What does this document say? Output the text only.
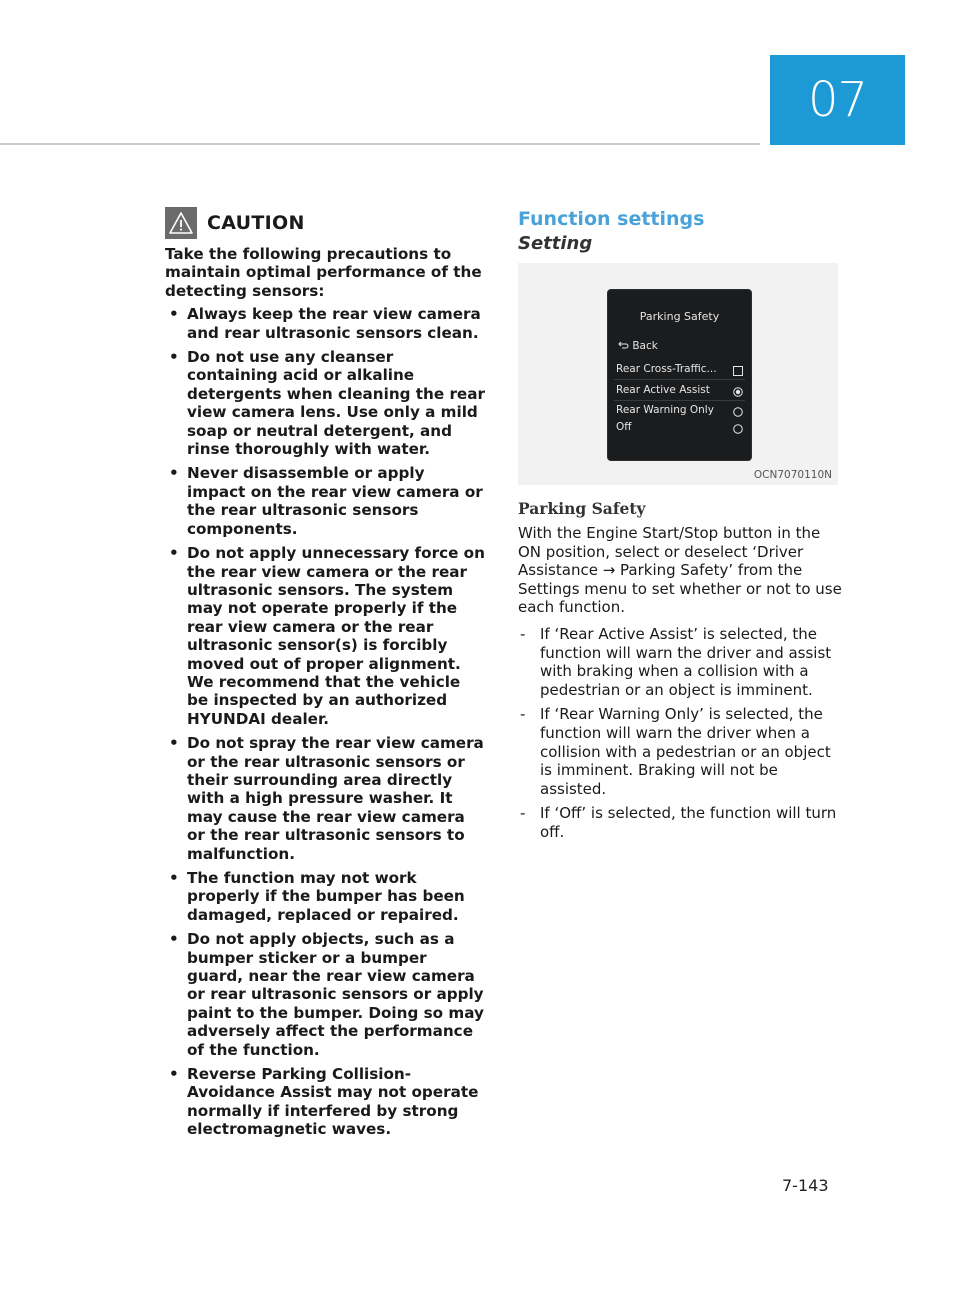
07
CAUTION

Take the following precautions to maintain optimal performance of the detecting sensors:

• Always keep the rear view camera and rear ultrasonic sensors clean.
• Do not use any cleanser containing acid or alkaline detergents when cleaning the rear view camera lens. Use only a mild soap or neutral detergent, and rinse thoroughly with water.
• Never disassemble or apply impact on the rear view camera or the rear ultrasonic sensors components.
• Do not apply unnecessary force on the rear view camera or the rear ultrasonic sensors. The system may not operate properly if the rear view camera or the rear ultrasonic sensor(s) is forcibly moved out of proper alignment. We recommend that the vehicle be inspected by an authorized HYUNDAI dealer.
• Do not spray the rear view camera or the rear ultrasonic sensors or their surrounding area directly with a high pressure washer. It may cause the rear view camera or the rear ultrasonic sensors to malfunction.
• The function may not work properly if the bumper has been damaged, replaced or repaired.
• Do not apply objects, such as a bumper sticker or a bumper guard, near the rear view camera or rear ultrasonic sensors or apply paint to the bumper. Doing so may adversely affect the performance of the function.
• Reverse Parking Collision-Avoidance Assist may not operate normally if interfered by strong electromagnetic waves.
Function settings
Setting
Parking Safety
Back
Rear Cross-Traffic...
Rear Active Assist
Rear Warning Only
Off
OCN7070110N
Parking Safety

With the Engine Start/Stop button in the ON position, select or deselect ‘Driver Assistance → Parking Safety’ from the Settings menu to set whether or not to use each function.

- If ‘Rear Active Assist’ is selected, the function will warn the driver and assist with braking when a collision with a pedestrian or an object is imminent.
- If ‘Rear Warning Only’ is selected, the function will warn the driver when a collision with a pedestrian or an object is imminent. Braking will not be assisted.
- If ‘Off’ is selected, the function will turn off.
7-143
